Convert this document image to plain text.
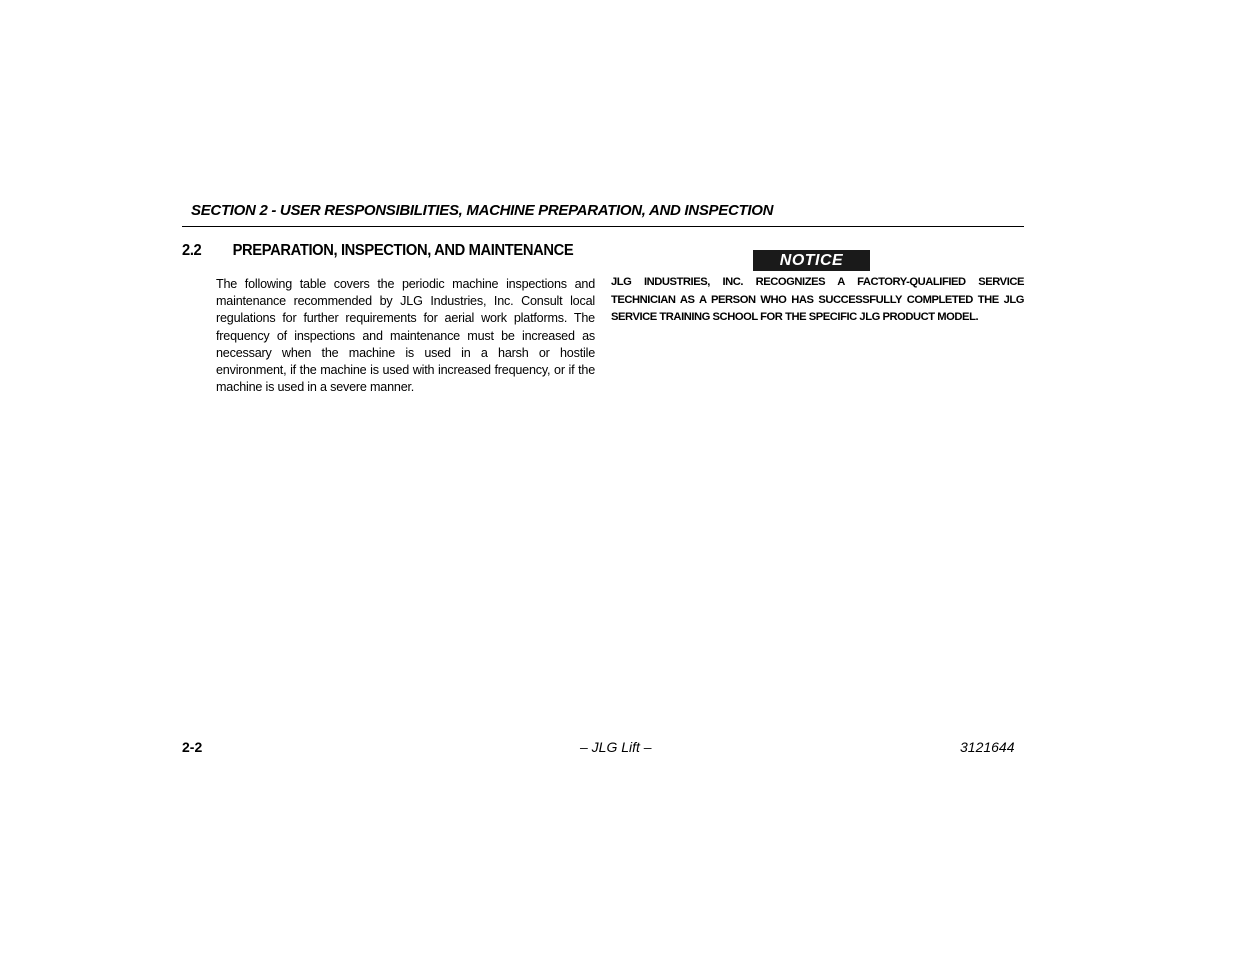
SECTION 2 - USER RESPONSIBILITIES, MACHINE PREPARATION, AND INSPECTION
2.2 PREPARATION, INSPECTION, AND MAINTENANCE
The following table covers the periodic machine inspections and maintenance recommended by JLG Industries, Inc. Consult local regulations for further requirements for aerial work platforms. The frequency of inspections and maintenance must be increased as necessary when the machine is used in a harsh or hostile environment, if the machine is used with increased frequency, or if the machine is used in a severe manner.
NOTICE
JLG INDUSTRIES, INC. RECOGNIZES A FACTORY-QUALIFIED SERVICE TECHNICIAN AS A PERSON WHO HAS SUCCESSFULLY COMPLETED THE JLG SERVICE TRAINING SCHOOL FOR THE SPECIFIC JLG PRODUCT MODEL.
2-2	– JLG Lift –	3121644
